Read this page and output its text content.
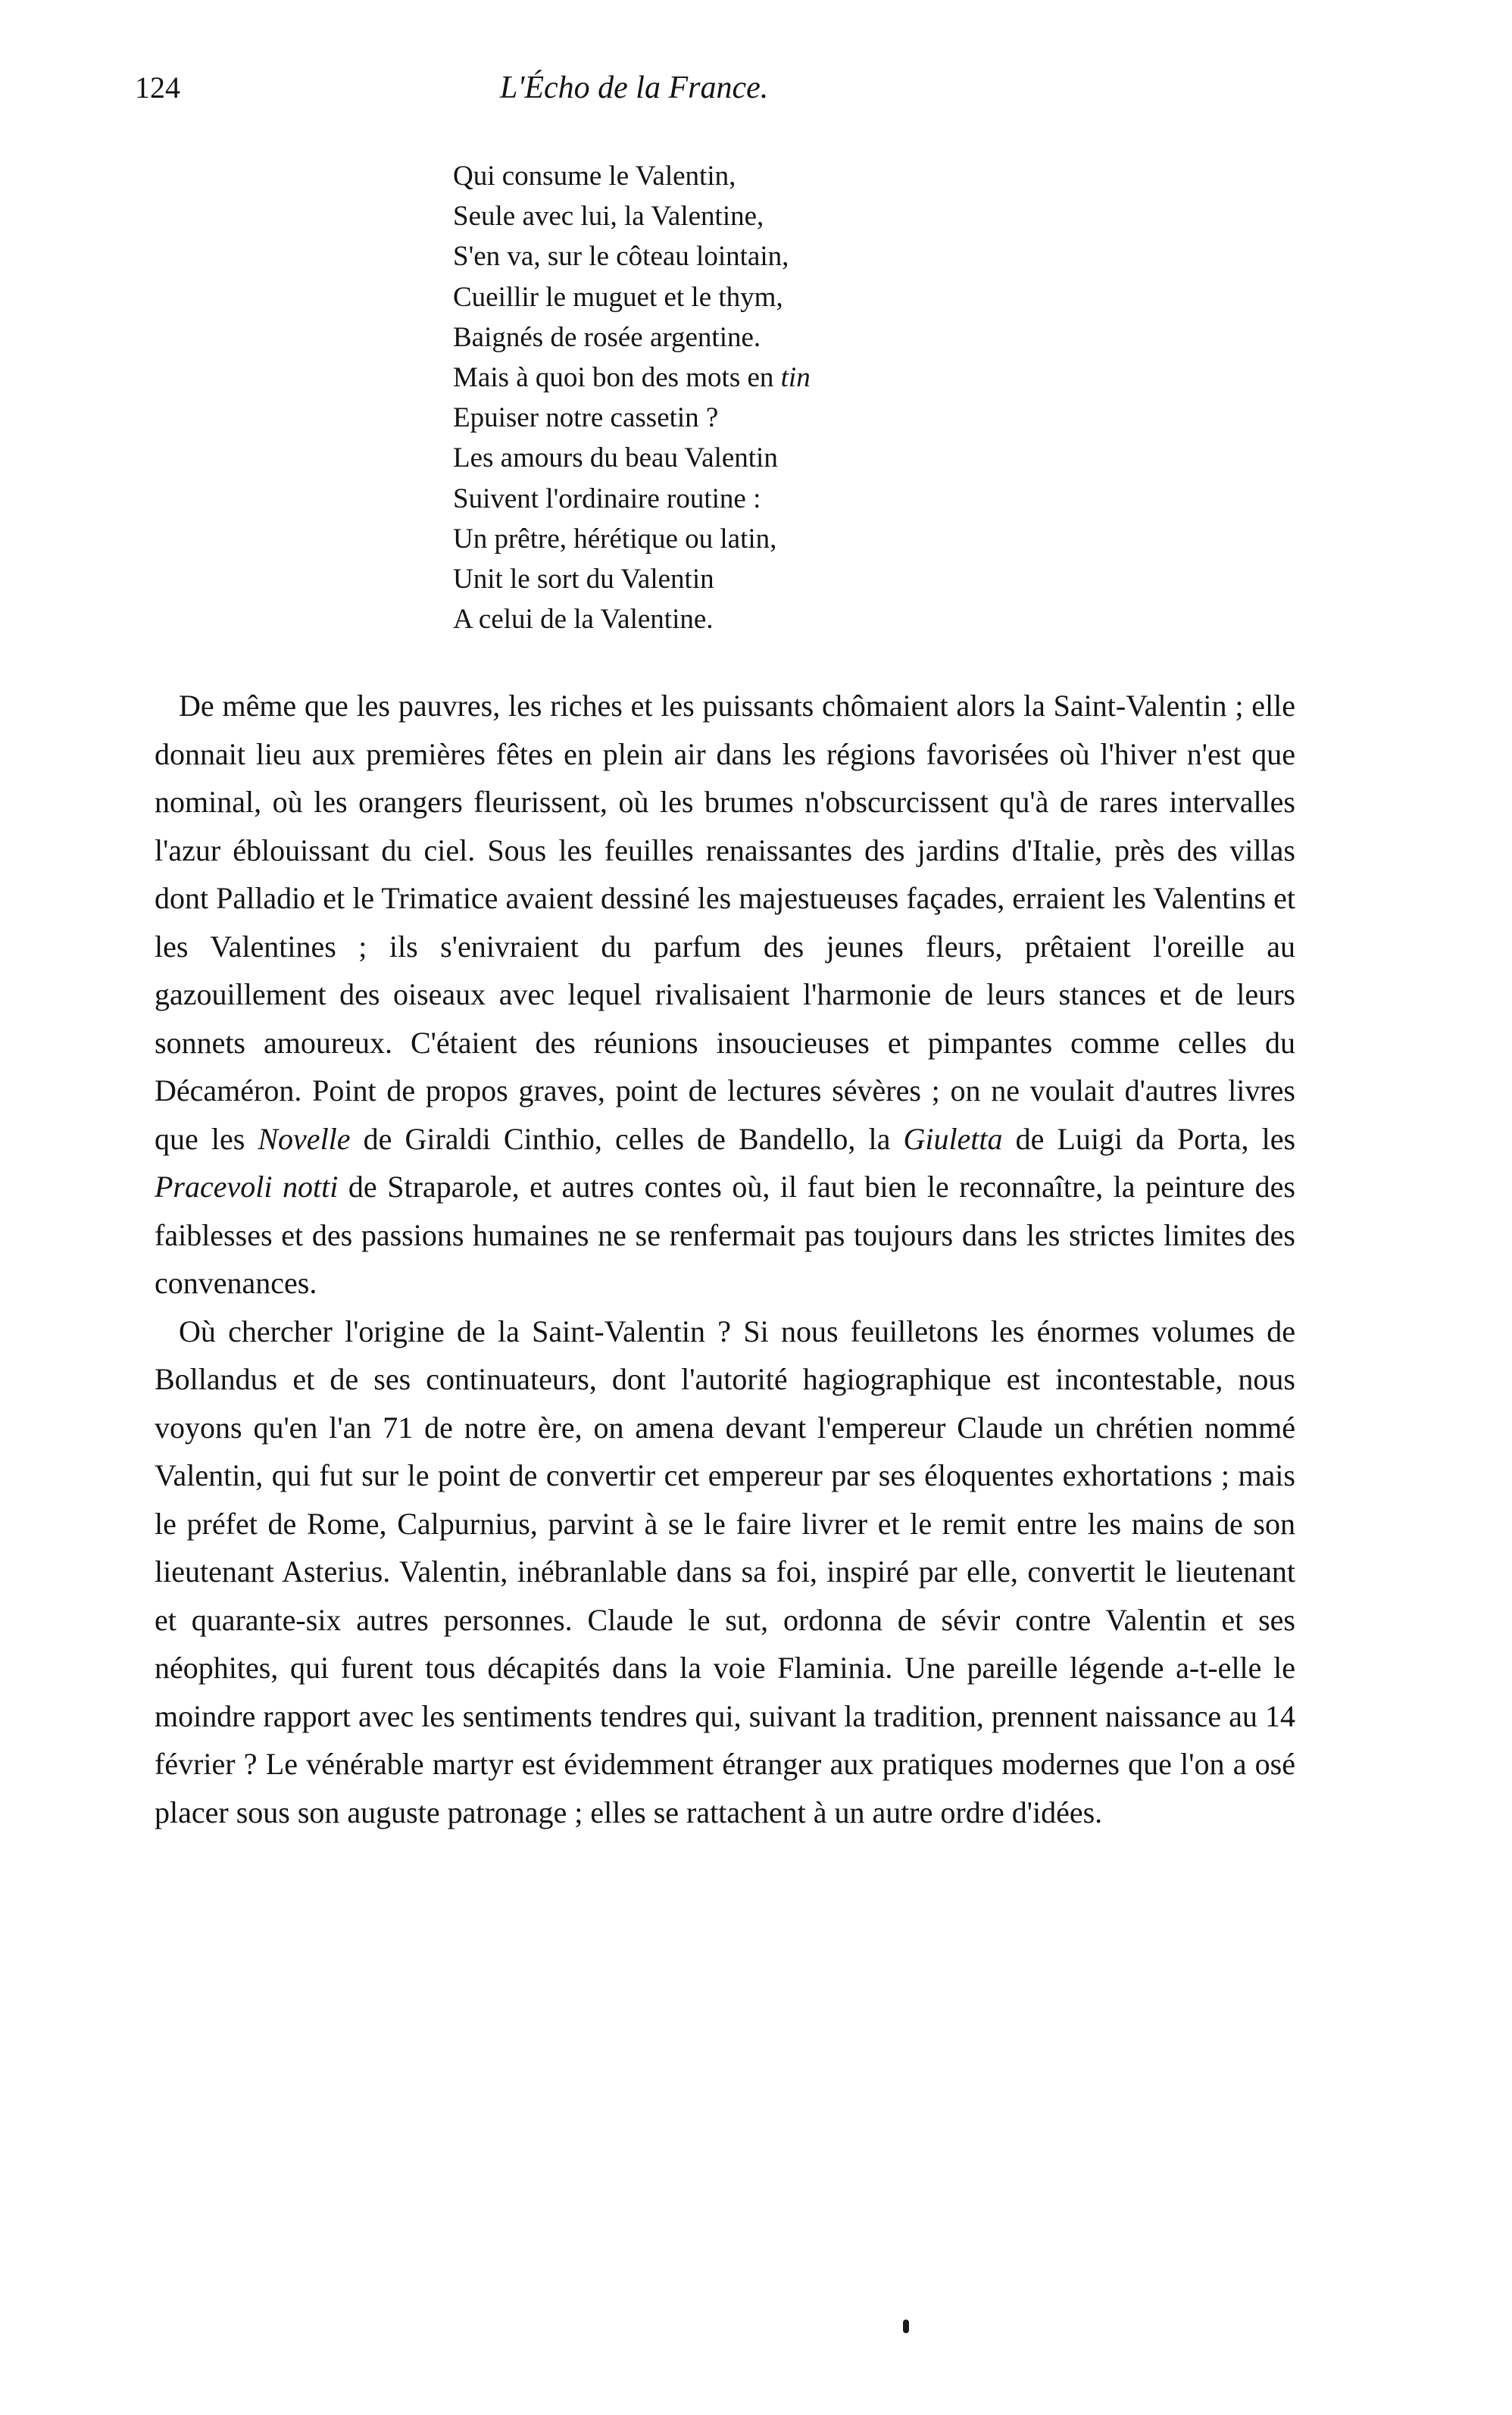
124	L'Écho de la France.
Qui consume le Valentin,
Seule avec lui, la Valentine,
S'en va, sur le côteau lointain,
Cueillir le muguet et le thym,
Baignés de rosée argentine.
Mais à quoi bon des mots en tin
Epuiser notre cassetin ?
Les amours du beau Valentin
Suivent l'ordinaire routine :
Un prêtre, hérétique ou latin,
Unit le sort du Valentin
A celui de la Valentine.

De même que les pauvres, les riches et les puissants chômaient alors la Saint-Valentin ; elle donnait lieu aux premières fêtes en plein air dans les régions favorisées où l'hiver n'est que nominal, où les orangers fleurissent, où les brumes n'obscurcissent qu'à de rares intervalles l'azur éblouissant du ciel. Sous les feuilles renaissantes des jardins d'Italie, près des villas dont Palladio et le Trimatice avaient dessiné les majestueuses façades, erraient les Valentins et les Valentines ; ils s'enivraient du parfum des jeunes fleurs, prêtaient l'oreille au gazouillement des oiseaux avec lequel rivalisaient l'harmonie de leurs stances et de leurs sonnets amoureux. C'étaient des réunions insoucieuses et pimpantes comme celles du Décaméron. Point de propos graves, point de lectures sévères ; on ne voulait d'autres livres que les Novelle de Giraldi Cinthio, celles de Bandello, la Giuletta de Luigi da Porta, les Pracevoli notti de Straparole, et autres contes où, il faut bien le reconnaître, la peinture des faiblesses et des passions humaines ne se renfermait pas toujours dans les strictes limites des convenances.

Où chercher l'origine de la Saint-Valentin ? Si nous feuilletons les énormes volumes de Bollandus et de ses continuateurs, dont l'autorité hagiographique est incontestable, nous voyons qu'en l'an 71 de notre ère, on amena devant l'empereur Claude un chrétien nommé Valentin, qui fut sur le point de convertir cet empereur par ses éloquentes exhortations ; mais le préfet de Rome, Calpurnius, parvint à se le faire livrer et le remit entre les mains de son lieutenant Asterius. Valentin, inébranlable dans sa foi, inspiré par elle, convertit le lieutenant et quarante-six autres personnes. Claude le sut, ordonna de sévir contre Valentin et ses néophites, qui furent tous décapités dans la voie Flaminia. Une pareille légende a-t-elle le moindre rapport avec les sentiments tendres qui, suivant la tradition, prennent naissance au 14 février ? Le vénérable martyr est évidemment étranger aux pratiques modernes que l'on a osé placer sous son auguste patronage ; elles se rattachent à un autre ordre d'idées.
